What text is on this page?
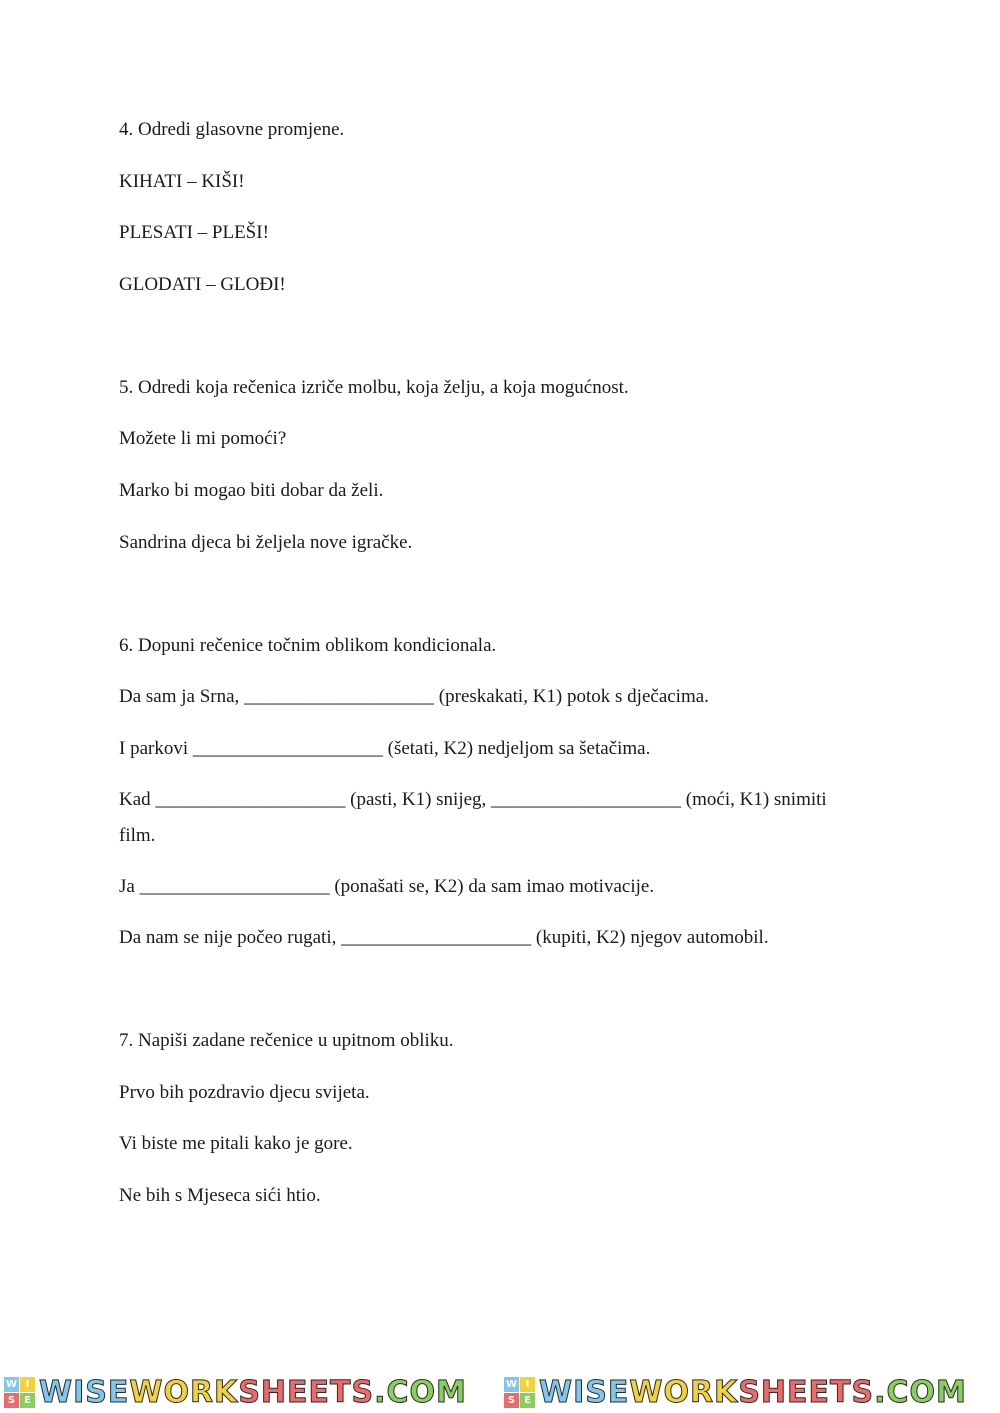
4. Odredi glasovne promjene.
KIHATI – KIŠI!
PLESATI – PLEŠI!
GLODATI – GLOĐI!
5. Odredi koja rečenica izriče molbu, koja želju, a koja mogućnost.
Možete li mi pomoći?
Marko bi mogao biti dobar da želi.
Sandrina djeca bi željela nove igračke.
6. Dopuni rečenice točnim oblikom kondicionala.
Da sam ja Srna, ____________________ (preskakati, K1) potok s dječacima.
I parkovi ____________________ (šetati, K2) nedjeljom sa šetačima.
Kad ____________________ (pasti, K1) snijeg, ____________________ (moći, K1) snimiti
film.
Ja ____________________ (ponašati se, K2) da sam imao motivacije.
Da nam se nije počeo rugati, ____________________ (kupiti, K2) njegov automobil.
7. Napiši zadane rečenice u upitnom obliku.
Prvo bih pozdravio djecu svijeta.
Vi biste me pitali kako je gore.
Ne bih s Mjeseca sići htio.
W I
S E WISEWORKSHEETS.COM	W I
S E WISEWORKSHEETS.COM
